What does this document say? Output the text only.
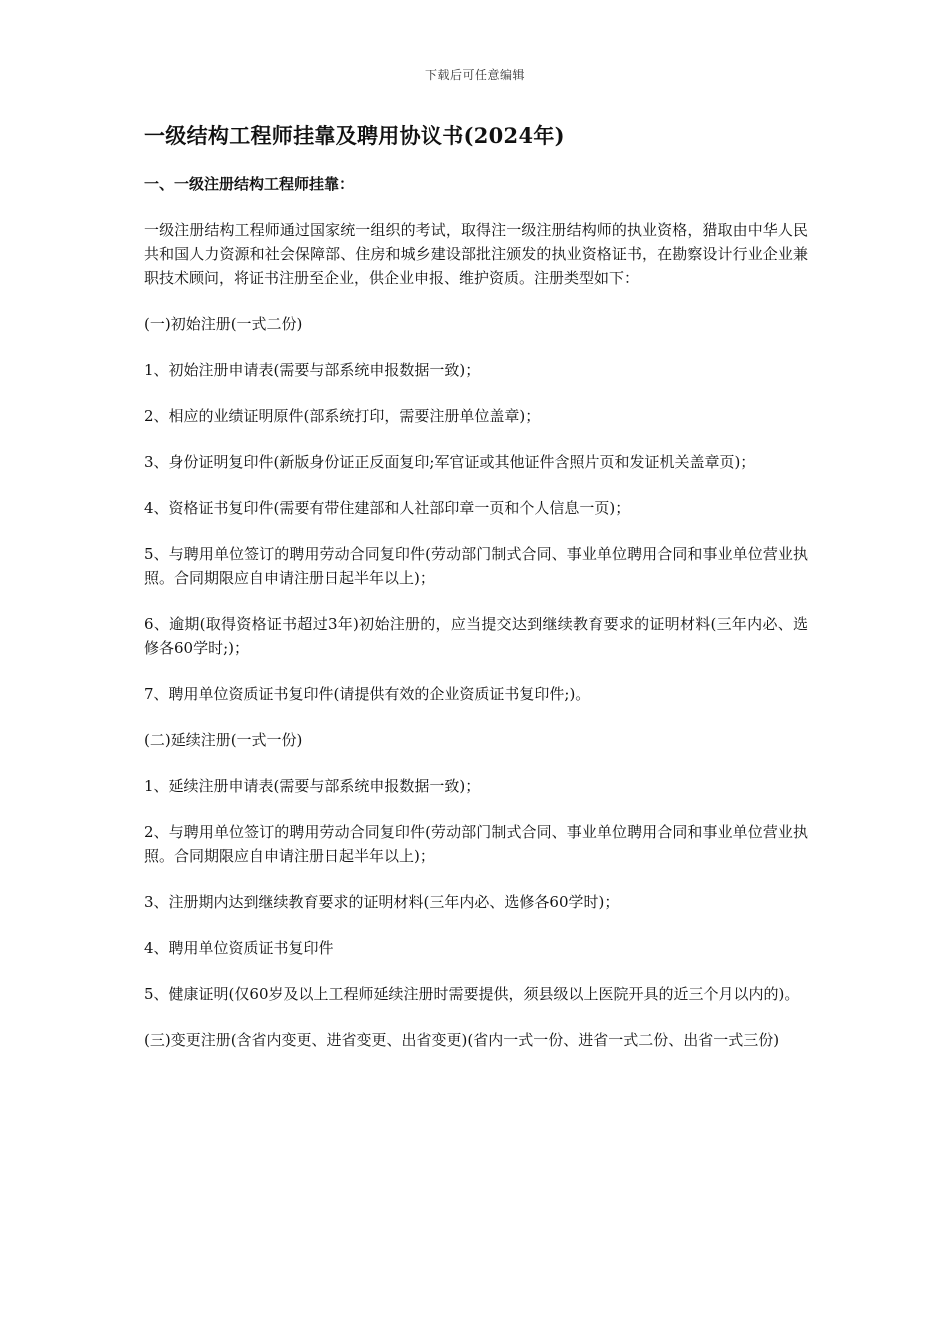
下载后可任意编辑
一级结构工程师挂靠及聘用协议书(2024年)
一、一级注册结构工程师挂靠：

一级注册结构工程师通过国家统一组织的考试，取得注一级注册结构师的执业资格，猎取由中华人民共和国人力资源和社会保障部、住房和城乡建设部批注颁发的执业资格证书，在勘察设计行业企业兼职技术顾问，将证书注册至企业，供企业申报、维护资质。注册类型如下：

(一)初始注册(一式二份)

1、初始注册申请表(需要与部系统申报数据一致)；

2、相应的业绩证明原件(部系统打印，需要注册单位盖章)；

3、身份证明复印件(新版身份证正反面复印;军官证或其他证件含照片页和发证机关盖章页)；

4、资格证书复印件(需要有带住建部和人社部印章一页和个人信息一页)；

5、与聘用单位签订的聘用劳动合同复印件(劳动部门制式合同、事业单位聘用合同和事业单位营业执照。合同期限应自申请注册日起半年以上)；

6、逾期(取得资格证书超过3年)初始注册的，应当提交达到继续教育要求的证明材料(三年内必、选修各60学时;)；

7、聘用单位资质证书复印件(请提供有效的企业资质证书复印件;)。

(二)延续注册(一式一份)

1、延续注册申请表(需要与部系统申报数据一致)；

2、与聘用单位签订的聘用劳动合同复印件(劳动部门制式合同、事业单位聘用合同和事业单位营业执照。合同期限应自申请注册日起半年以上)；

3、注册期内达到继续教育要求的证明材料(三年内必、选修各60学时)；

4、聘用单位资质证书复印件

5、健康证明(仅60岁及以上工程师延续注册时需要提供，须县级以上医院开具的近三个月以内的)。

(三)变更注册(含省内变更、进省变更、出省变更)(省内一式一份、进省一式二份、出省一式三份)
